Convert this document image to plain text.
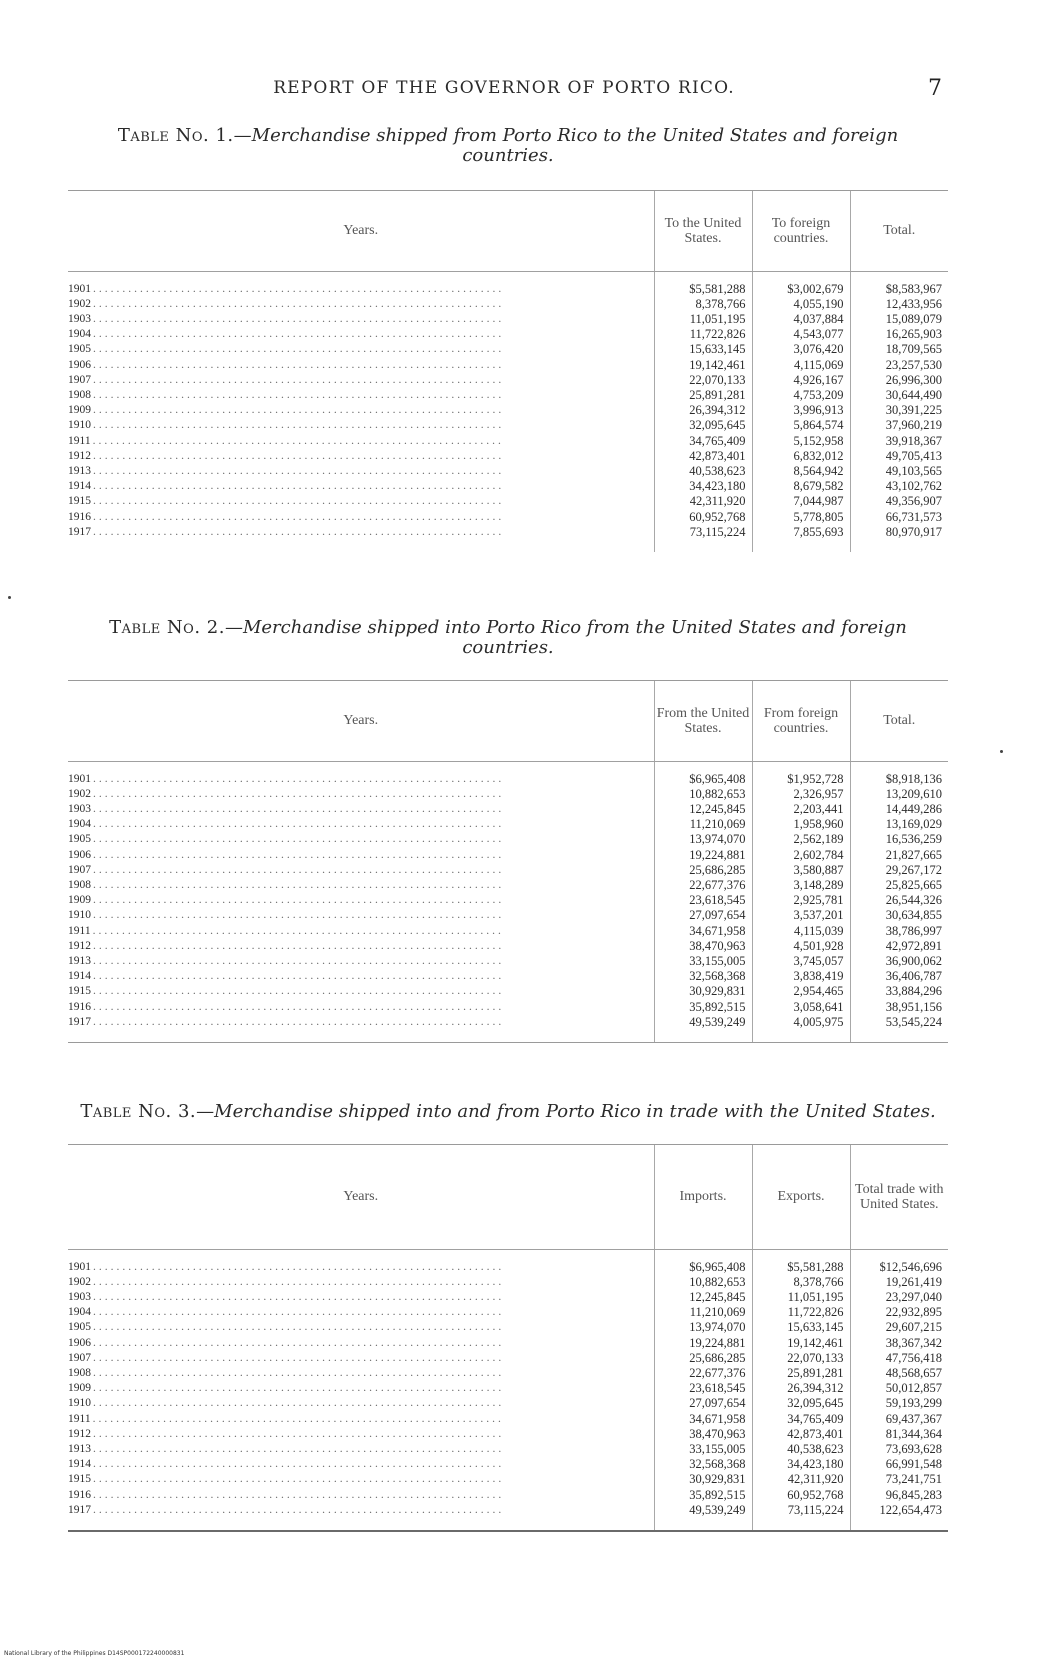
REPORT OF THE GOVERNOR OF PORTO RICO.	7

Table No. 1.—Merchandise shipped from Porto Rico to the United States and foreign countries.

Years.	To the United States.	To foreign countries.	Total.
1901 ......................................................................	$5,581,288	$3,002,679	$8,583,967
1902 ......................................................................	8,378,766	4,055,190	12,433,956
1903 ......................................................................	11,051,195	4,037,884	15,089,079
1904 ......................................................................	11,722,826	4,543,077	16,265,903
1905 ......................................................................	15,633,145	3,076,420	18,709,565
1906 ......................................................................	19,142,461	4,115,069	23,257,530
1907 ......................................................................	22,070,133	4,926,167	26,996,300
1908 ......................................................................	25,891,281	4,753,209	30,644,490
1909 ......................................................................	26,394,312	3,996,913	30,391,225
1910 ......................................................................	32,095,645	5,864,574	37,960,219
1911 ......................................................................	34,765,409	5,152,958	39,918,367
1912 ......................................................................	42,873,401	6,832,012	49,705,413
1913 ......................................................................	40,538,623	8,564,942	49,103,565
1914 ......................................................................	34,423,180	8,679,582	43,102,762
1915 ......................................................................	42,311,920	7,044,987	49,356,907
1916 ......................................................................	60,952,768	5,778,805	66,731,573
1917 ......................................................................	73,115,224	7,855,693	80,970,917

Table No. 2.—Merchandise shipped into Porto Rico from the United States and foreign countries.

Years.	From the United States.	From foreign countries.	Total.
1901 ......................................................................	$6,965,408	$1,952,728	$8,918,136
1902 ......................................................................	10,882,653	2,326,957	13,209,610
1903 ......................................................................	12,245,845	2,203,441	14,449,286
1904 ......................................................................	11,210,069	1,958,960	13,169,029
1905 ......................................................................	13,974,070	2,562,189	16,536,259
1906 ......................................................................	19,224,881	2,602,784	21,827,665
1907 ......................................................................	25,686,285	3,580,887	29,267,172
1908 ......................................................................	22,677,376	3,148,289	25,825,665
1909 ......................................................................	23,618,545	2,925,781	26,544,326
1910 ......................................................................	27,097,654	3,537,201	30,634,855
1911 ......................................................................	34,671,958	4,115,039	38,786,997
1912 ......................................................................	38,470,963	4,501,928	42,972,891
1913 ......................................................................	33,155,005	3,745,057	36,900,062
1914 ......................................................................	32,568,368	3,838,419	36,406,787
1915 ......................................................................	30,929,831	2,954,465	33,884,296
1916 ......................................................................	35,892,515	3,058,641	38,951,156
1917 ......................................................................	49,539,249	4,005,975	53,545,224

Table No. 3.—Merchandise shipped into and from Porto Rico in trade with the United States.

Years.	Imports.	Exports.	Total trade with United States.
1901 ......................................................................	$6,965,408	$5,581,288	$12,546,696
1902 ......................................................................	10,882,653	8,378,766	19,261,419
1903 ......................................................................	12,245,845	11,051,195	23,297,040
1904 ......................................................................	11,210,069	11,722,826	22,932,895
1905 ......................................................................	13,974,070	15,633,145	29,607,215
1906 ......................................................................	19,224,881	19,142,461	38,367,342
1907 ......................................................................	25,686,285	22,070,133	47,756,418
1908 ......................................................................	22,677,376	25,891,281	48,568,657
1909 ......................................................................	23,618,545	26,394,312	50,012,857
1910 ......................................................................	27,097,654	32,095,645	59,193,299
1911 ......................................................................	34,671,958	34,765,409	69,437,367
1912 ......................................................................	38,470,963	42,873,401	81,344,364
1913 ......................................................................	33,155,005	40,538,623	73,693,628
1914 ......................................................................	32,568,368	34,423,180	66,991,548
1915 ......................................................................	30,929,831	42,311,920	73,241,751
1916 ......................................................................	35,892,515	60,952,768	96,845,283
1917 ......................................................................	49,539,249	73,115,224	122,654,473
National Library of the Philippines D14SP000172240000831
